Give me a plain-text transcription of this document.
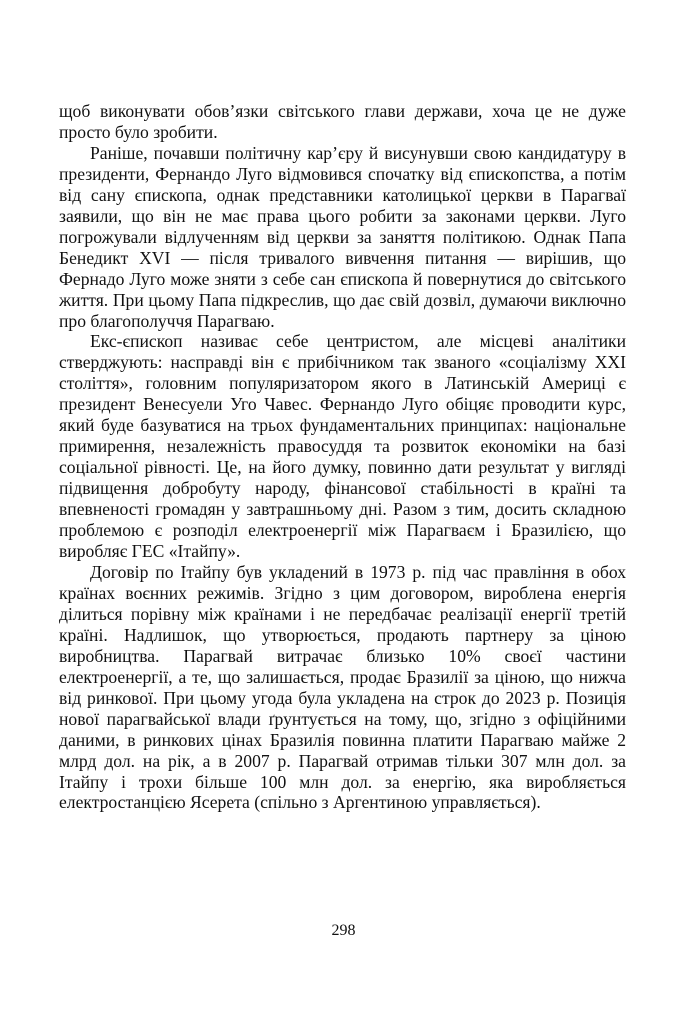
щоб виконувати обов’язки світського глави держави, хоча це не дуже просто було зробити.

Раніше, почавши політичну кар’єру й висунувши свою кандидатуру в президенти, Фернандо Луго відмовився спочатку від єпископства, а потім від сану єпископа, однак представники католицької церкви в Парагваї заявили, що він не має права цього робити за законами церкви. Луго погрожували відлученням від церкви за заняття політикою. Однак Папа Бенедикт XVI — після тривалого вивчення питання — вирішив, що Фернадо Луго може зняти з себе сан єпископа й повернутися до світського життя. При цьому Папа підкреслив, що дає свій дозвіл, думаючи виключно про благополуччя Парагваю.

Екс-єпископ називає себе центристом, але місцеві аналітики стверджують: насправді він є прибічником так званого «соціалізму XXI століття», головним популяризатором якого в Латинській Америці є президент Венесуели Уго Чавес. Фернандо Луго обіцяє проводити курс, який буде базуватися на трьох фундаментальних принципах: національне примирення, незалежність правосуддя та розвиток економіки на базі соціальної рівності. Це, на його думку, повинно дати результат у вигляді підвищення добробуту народу, фінансової стабільності в країні та впевненості громадян у завтрашньому дні. Разом з тим, досить складною проблемою є розподіл електроенергії між Парагваєм і Бразилією, що виробляє ГЕС «Ітайпу».

Договір по Ітайпу був укладений в 1973 р. під час правління в обох країнах воєнних режимів. Згідно з цим договором, вироблена енергія ділиться порівну між країнами і не передбачає реалізації енергії третій країні. Надлишок, що утворюється, продають партнеру за ціною виробництва. Парагвай витрачає близько 10% своєї частини електроенергії, а те, що залишається, продає Бразилії за ціною, що нижча від ринкової. При цьому угода була укладена на строк до 2023 р. Позиція нової парагвайської влади ґрунтується на тому, що, згідно з офіційними даними, в ринкових цінах Бразилія повинна платити Парагваю майже 2 млрд дол. на рік, а в 2007 р. Парагвай отримав тільки 307 млн дол. за Ітайпу і трохи більше 100 млн дол. за енергію, яка виробляється електростанцією Ясерета (спільно з Аргентиною управляється).

298
